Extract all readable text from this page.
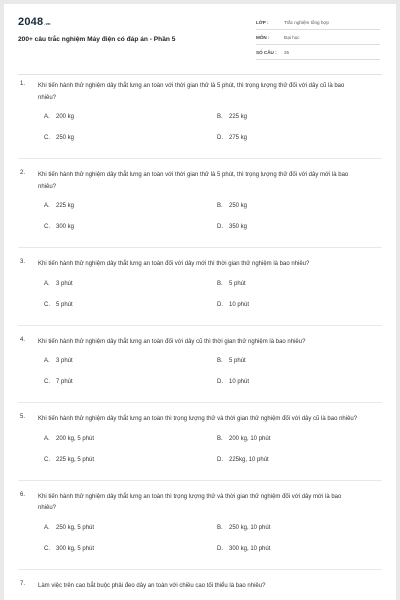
2048.vn
200+ câu trắc nghiệm Máy điện có đáp án - Phần 5
LỚP :	Trắc nghiệm tổng hợp
MÔN :	Đại học
SỐ CÂU : 25
1. Khi tiến hành thử nghiệm dây thắt lưng an toàn với thời gian thử là 5 phút, thì trọng lượng thử đối với dây cũ là bao nhiêu?
A. 200 kg	B. 225 kg
C. 250 kg	D. 275 kg
2. Khi tiến hành thử nghiệm dây thắt lưng an toàn với thời gian thử là 5 phút, thì trọng lượng thử đối với dây mới là bao nhiêu?
A. 225 kg	B. 250 kg
C. 300 kg	D. 350 kg
3. Khi tiến hành thử nghiệm dây thắt lưng an toàn đối với dây mới thì thời gian thử nghiệm là bao nhiêu?
A. 3 phút	B. 5 phút
C. 5 phút	D. 10 phút
4. Khi tiến hành thử nghiệm dây thắt lưng an toàn đối với dây cũ thì thời gian thử nghiệm là bao nhiêu?
A. 3 phút	B. 5 phút
C. 7 phút	D. 10 phút
5. Khi tiến hành thử nghiệm dây thắt lưng an toàn thì trọng lượng thử và thời gian thử nghiệm đối với dây cũ là bao nhiêu?
A. 200 kg, 5 phút	B. 200 kg, 10 phút
C. 225 kg, 5 phút	D. 225kg, 10 phút
6. Khi tiến hành thử nghiệm dây thắt lưng an toàn thì trọng lượng thử và thời gian thử nghiệm đối với dây mới là bao nhiêu?
A. 250 kg, 5 phút	B. 250 kg, 10 phút
C. 300 kg, 5 phút	D. 300 kg, 10 phút
7. Làm việc trên cao bắt buộc phải đeo dây an toàn với chiều cao tối thiểu là bao nhiêu?
